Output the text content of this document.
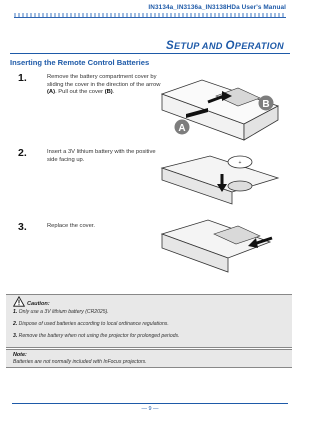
IN3134a_IN3136a_IN3138HDa User's Manual
SETUP AND OPERATION
Inserting the Remote Control Batteries
1.	Remove the battery compartment cover by sliding the cover in the direction of the arrow (A). Pull out the cover (B).
A
B
2.	Insert a 3V lithium battery with the positive side facing up.
+
3.	Replace the cover.
Caution:
1. Only use a 3V lithium battery (CR2025).
2. Dispose of used batteries according to local ordinance regulations.
3. Remove the battery when not using the projector for prolonged periods.
Note:
Batteries are not normally included with InFocus projectors.
— 9 —
